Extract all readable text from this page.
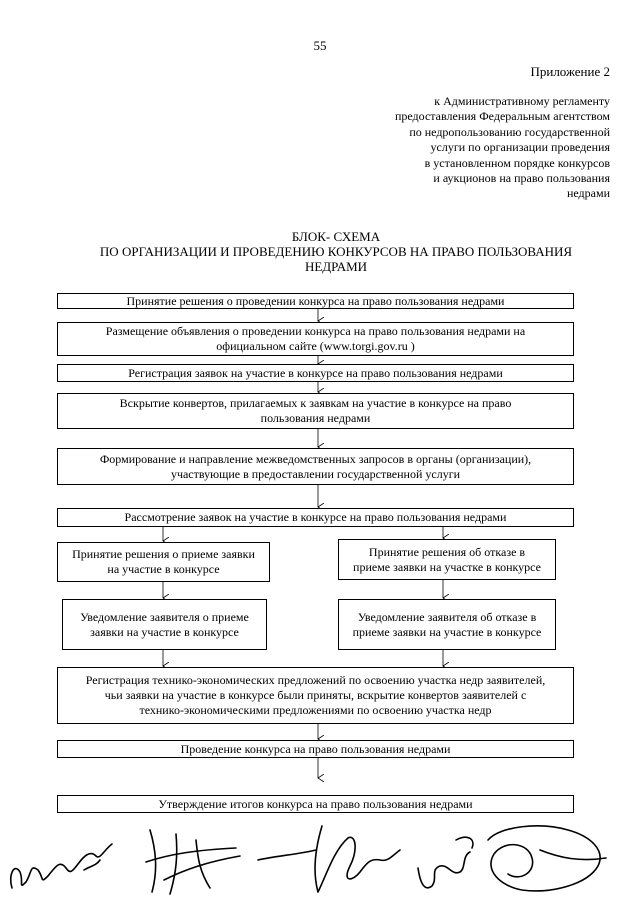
55
Приложение 2
к Административному регламенту
предоставления Федеральным агентством
по недропользованию государственной
услуги по организации проведения
в установленном порядке конкурсов
и аукционов на право пользования
недрами
БЛОК- СХЕМА
ПО ОРГАНИЗАЦИИ И ПРОВЕДЕНИЮ КОНКУРСОВ НА ПРАВО ПОЛЬЗОВАНИЯ
НЕДРАМИ
Принятие решения о проведении конкурса на право пользования недрами
Размещение объявления о проведении конкурса на право пользования недрами на
официальном сайте (www.torgi.gov.ru )
Регистрация заявок на участие в конкурсе на право пользования недрами
Вскрытие конвертов, прилагаемых к заявкам на участие в конкурсе на право
пользования недрами
Формирование и направление межведомственных запросов в органы (организации),
участвующие в предоставлении государственной услуги
Рассмотрение заявок на участие в конкурсе на право пользования недрами
Принятие решения о приеме заявки
на участие в конкурсе
Принятие решения об отказе в
приеме заявки на участке в конкурсе
Уведомление заявителя о приеме
заявки на участие в конкурсе
Уведомление заявителя об отказе в
приеме заявки на участие в конкурсе
Регистрация технико-экономических предложений по освоению участка недр заявителей,
чьи заявки на участие в конкурсе были приняты, вскрытие конвертов заявителей с
технико-экономическими предложениями по освоению участка недр
Проведение конкурса на право пользования недрами
Утверждение итогов конкурса на право пользования недрами
